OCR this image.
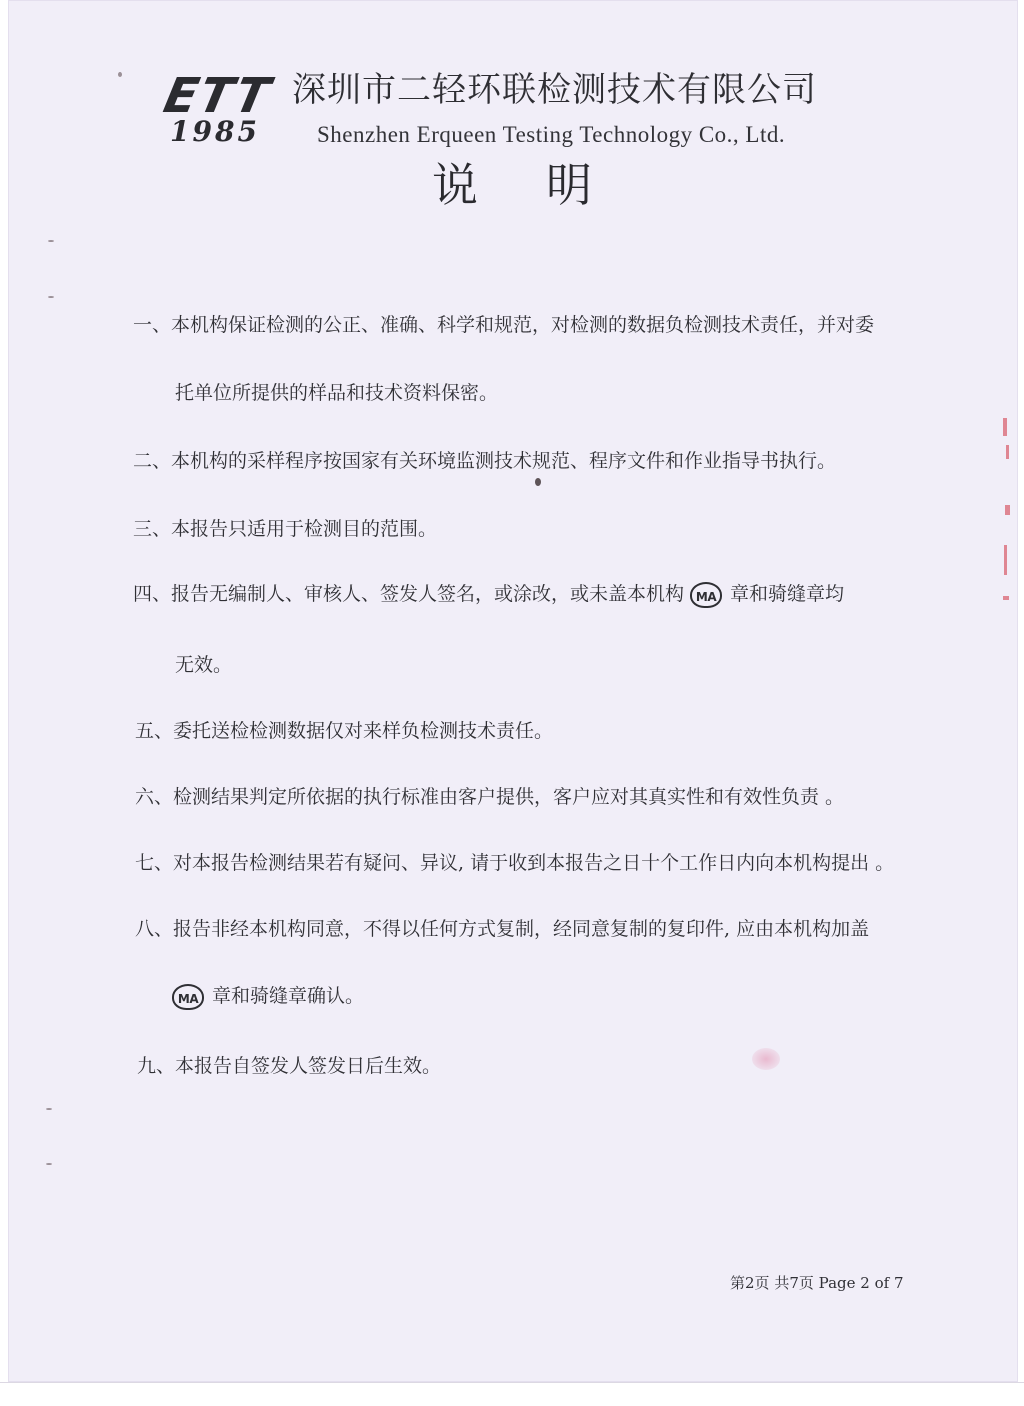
ETT
1985
深圳市二轻环联检测技术有限公司
Shenzhen Erqueen Testing Technology Co., Ltd.
说明
一、本机构保证检测的公正、准确、科学和规范，对检测的数据负检测技术责任，并对委
托单位所提供的样品和技术资料保密。
二、本机构的采样程序按国家有关环境监测技术规范、程序文件和作业指导书执行。
三、本报告只适用于检测目的范围。
四、报告无编制人、审核人、签发人签名，或涂改，或未盖本机构 MA 章和骑缝章均
无效。
五、委托送检检测数据仅对来样负检测技术责任。
六、检测结果判定所依据的执行标准由客户提供，客户应对其真实性和有效性负责 。
七、对本报告检测结果若有疑问、异议, 请于收到本报告之日十个工作日内向本机构提出 。
八、报告非经本机构同意，不得以任何方式复制，经同意复制的复印件, 应由本机构加盖
MA 章和骑缝章确认。
九、本报告自签发人签发日后生效。
第2页 共7页 Page 2 of 7
